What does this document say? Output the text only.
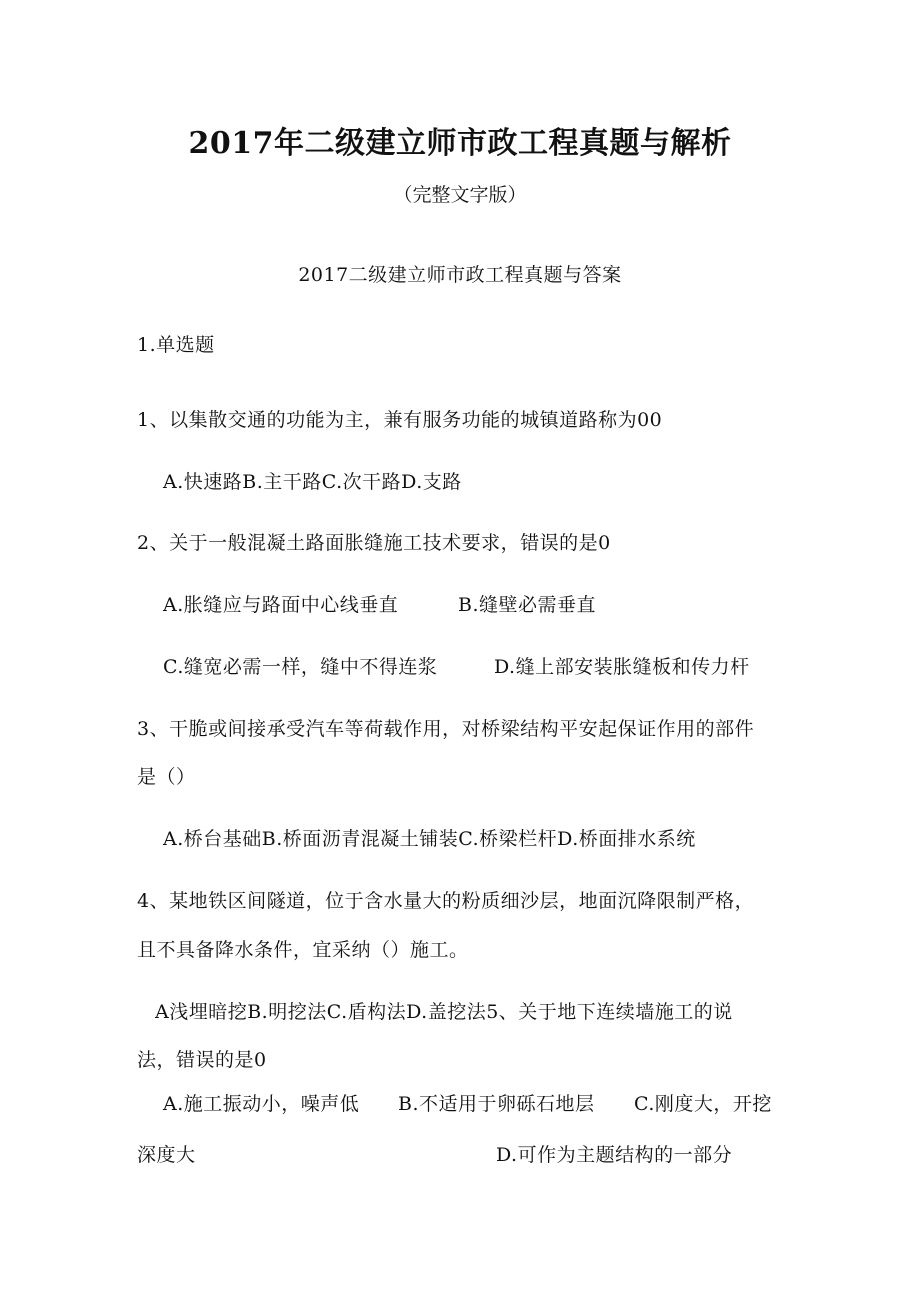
2017年二级建立师市政工程真题与解析
（完整文字版）
2017二级建立师市政工程真题与答案
1.单选题
1、以集散交通的功能为主，兼有服务功能的城镇道路称为00
A.快速路B.主干路C.次干路D.支路
2、关于一般混凝土路面胀缝施工技术要求，错误的是0
A.胀缝应与路面中心线垂直	B.缝壁必需垂直
C.缝宽必需一样，缝中不得连浆	D.缝上部安装胀缝板和传力杆
3、干脆或间接承受汽车等荷载作用，对桥梁结构平安起保证作用的部件
是（）
A.桥台基础B.桥面沥青混凝土铺装C.桥梁栏杆D.桥面排水系统
4、某地铁区间隧道，位于含水量大的粉质细沙层，地面沉降限制严格，
且不具备降水条件，宜采纳（）施工。
A浅埋暗挖B.明挖法C.盾构法D.盖挖法5、关于地下连续墙施工的说
法，错误的是0
A.施工振动小，噪声低 B.不适用于卵砾石地层 C.刚度大，开挖
深度大	D.可作为主题结构的一部分
